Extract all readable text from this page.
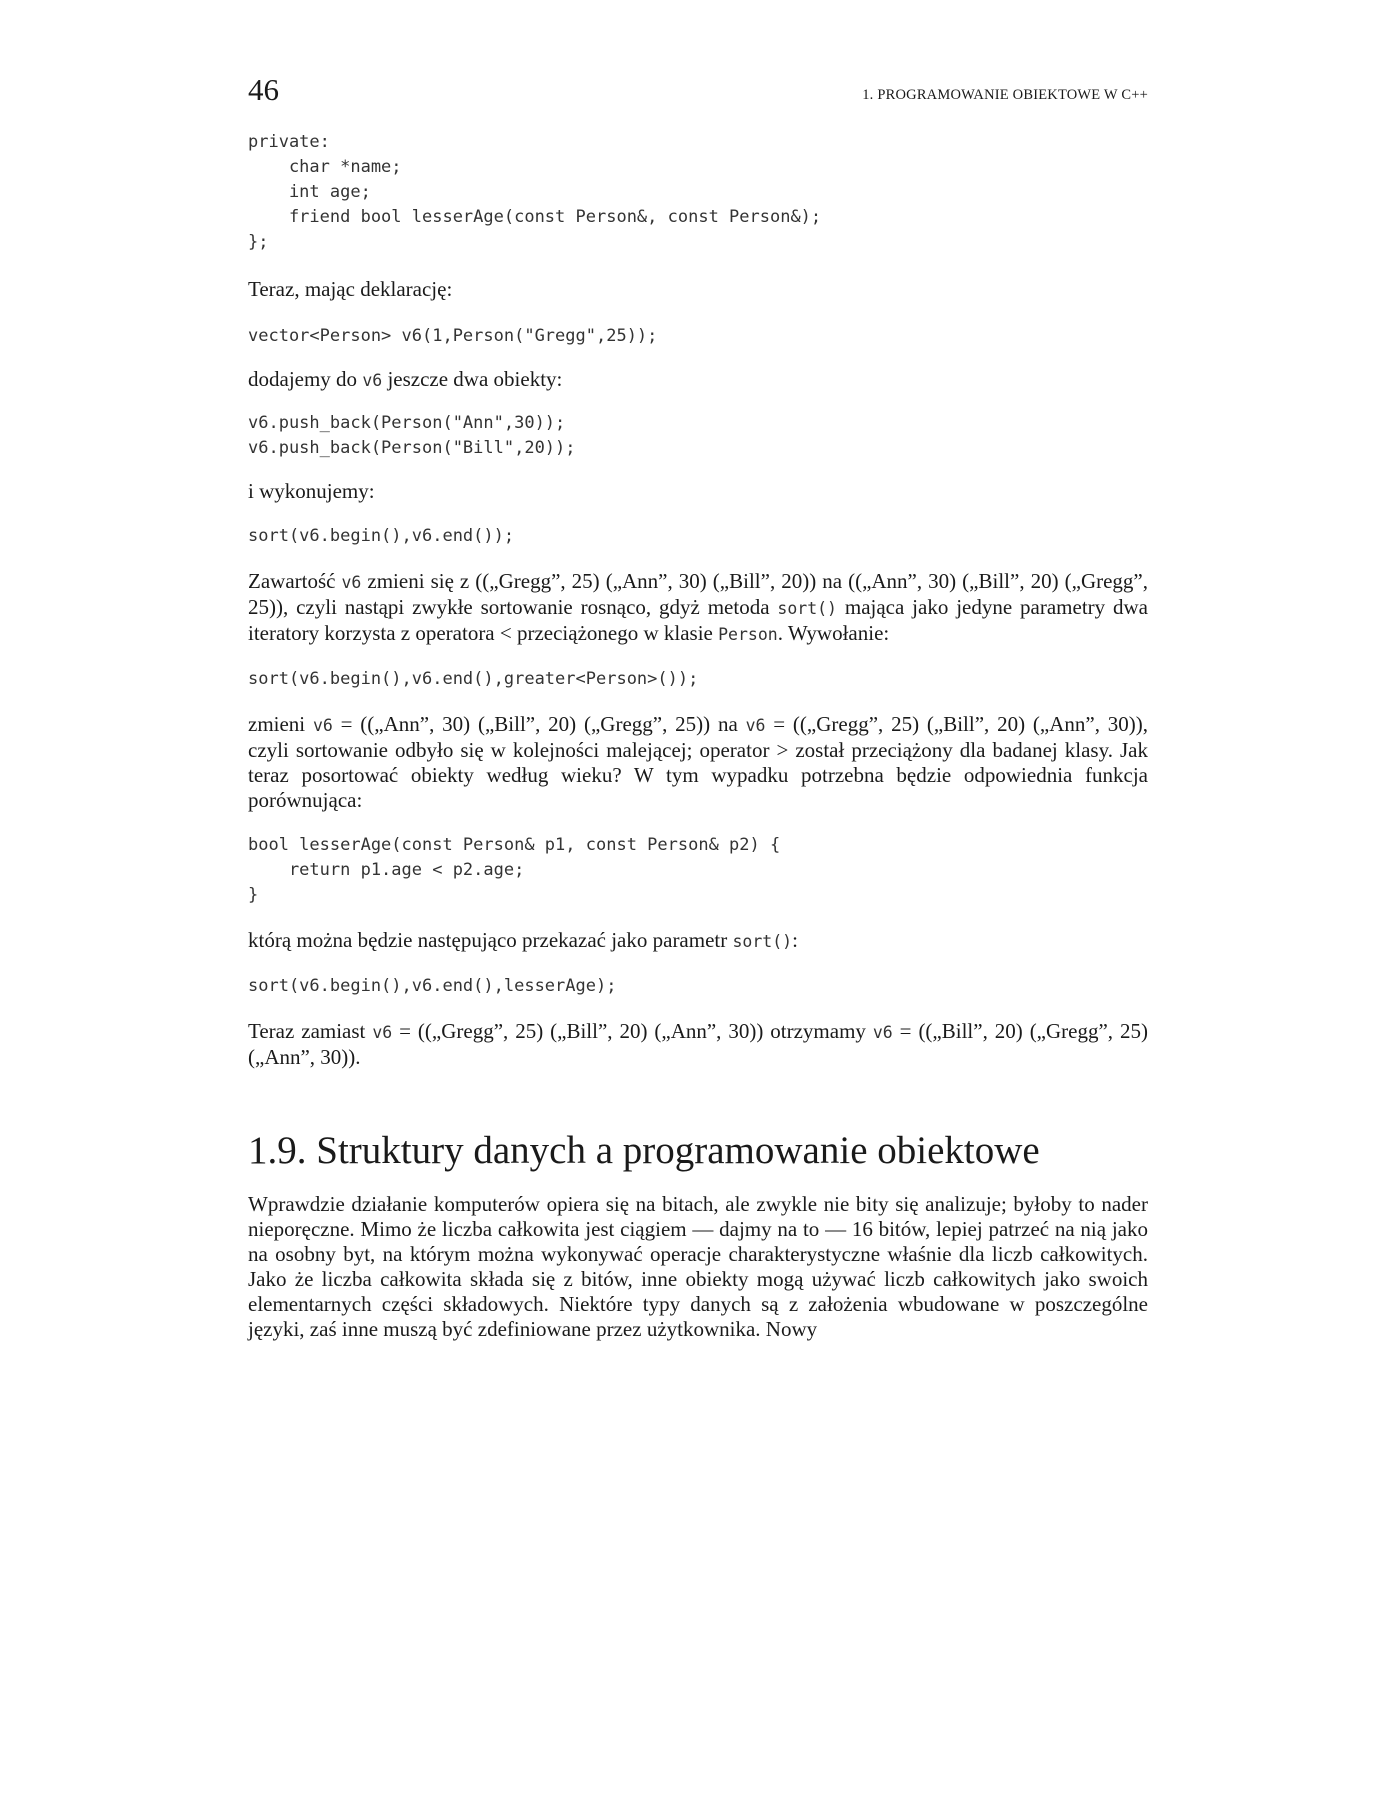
46	1. PROGRAMOWANIE OBIEKTOWE W C++
private:
char *name;
int age;
friend bool lesserAge(const Person&, const Person&);
};

Teraz, mając deklarację:

vector<Person> v6(1,Person("Gregg",25));

dodajemy do v6 jeszcze dwa obiekty:

v6.push_back(Person("Ann",30));
v6.push_back(Person("Bill",20));

i wykonujemy:

sort(v6.begin(),v6.end());

Zawartość v6 zmieni się z ((„Gregg”, 25) („Ann”, 30) („Bill”, 20)) na ((„Ann”, 30) („Bill”, 20) („Gregg”, 25)), czyli nastąpi zwykłe sortowanie rosnąco, gdyż metoda sort() mająca jako jedyne parametry dwa iteratory korzysta z operatora < przeciążonego w klasie Person. Wywołanie:

sort(v6.begin(),v6.end(),greater<Person>());

zmieni v6 = ((„Ann”, 30) („Bill”, 20) („Gregg”, 25)) na v6 = ((„Gregg”, 25) („Bill”, 20) („Ann”, 30)), czyli sortowanie odbyło się w kolejności malejącej; operator > został przeciążony dla badanej klasy. Jak teraz posortować obiekty według wieku? W tym wypadku potrzebna będzie odpowiednia funkcja porównująca:

bool lesserAge(const Person& p1, const Person& p2) {
return p1.age < p2.age;
}

którą można będzie następująco przekazać jako parametr sort():

sort(v6.begin(),v6.end(),lesserAge);

Teraz zamiast v6 = ((„Gregg”, 25) („Bill”, 20) („Ann”, 30)) otrzymamy v6 = ((„Bill”, 20) („Gregg”, 25) („Ann”, 30)).

1.9. Struktury danych a programowanie obiektowe

Wprawdzie działanie komputerów opiera się na bitach, ale zwykle nie bity się analizuje; byłoby to nader nieporęczne. Mimo że liczba całkowita jest ciągiem — dajmy na to — 16 bitów, lepiej patrzeć na nią jako na osobny byt, na którym można wykonywać operacje charakterystyczne właśnie dla liczb całkowitych. Jako że liczba całkowita składa się z bitów, inne obiekty mogą używać liczb całkowitych jako swoich elementarnych części składowych. Niektóre typy danych są z założenia wbudowane w poszczególne języki, zaś inne muszą być zdefiniowane przez użytkownika. Nowy
